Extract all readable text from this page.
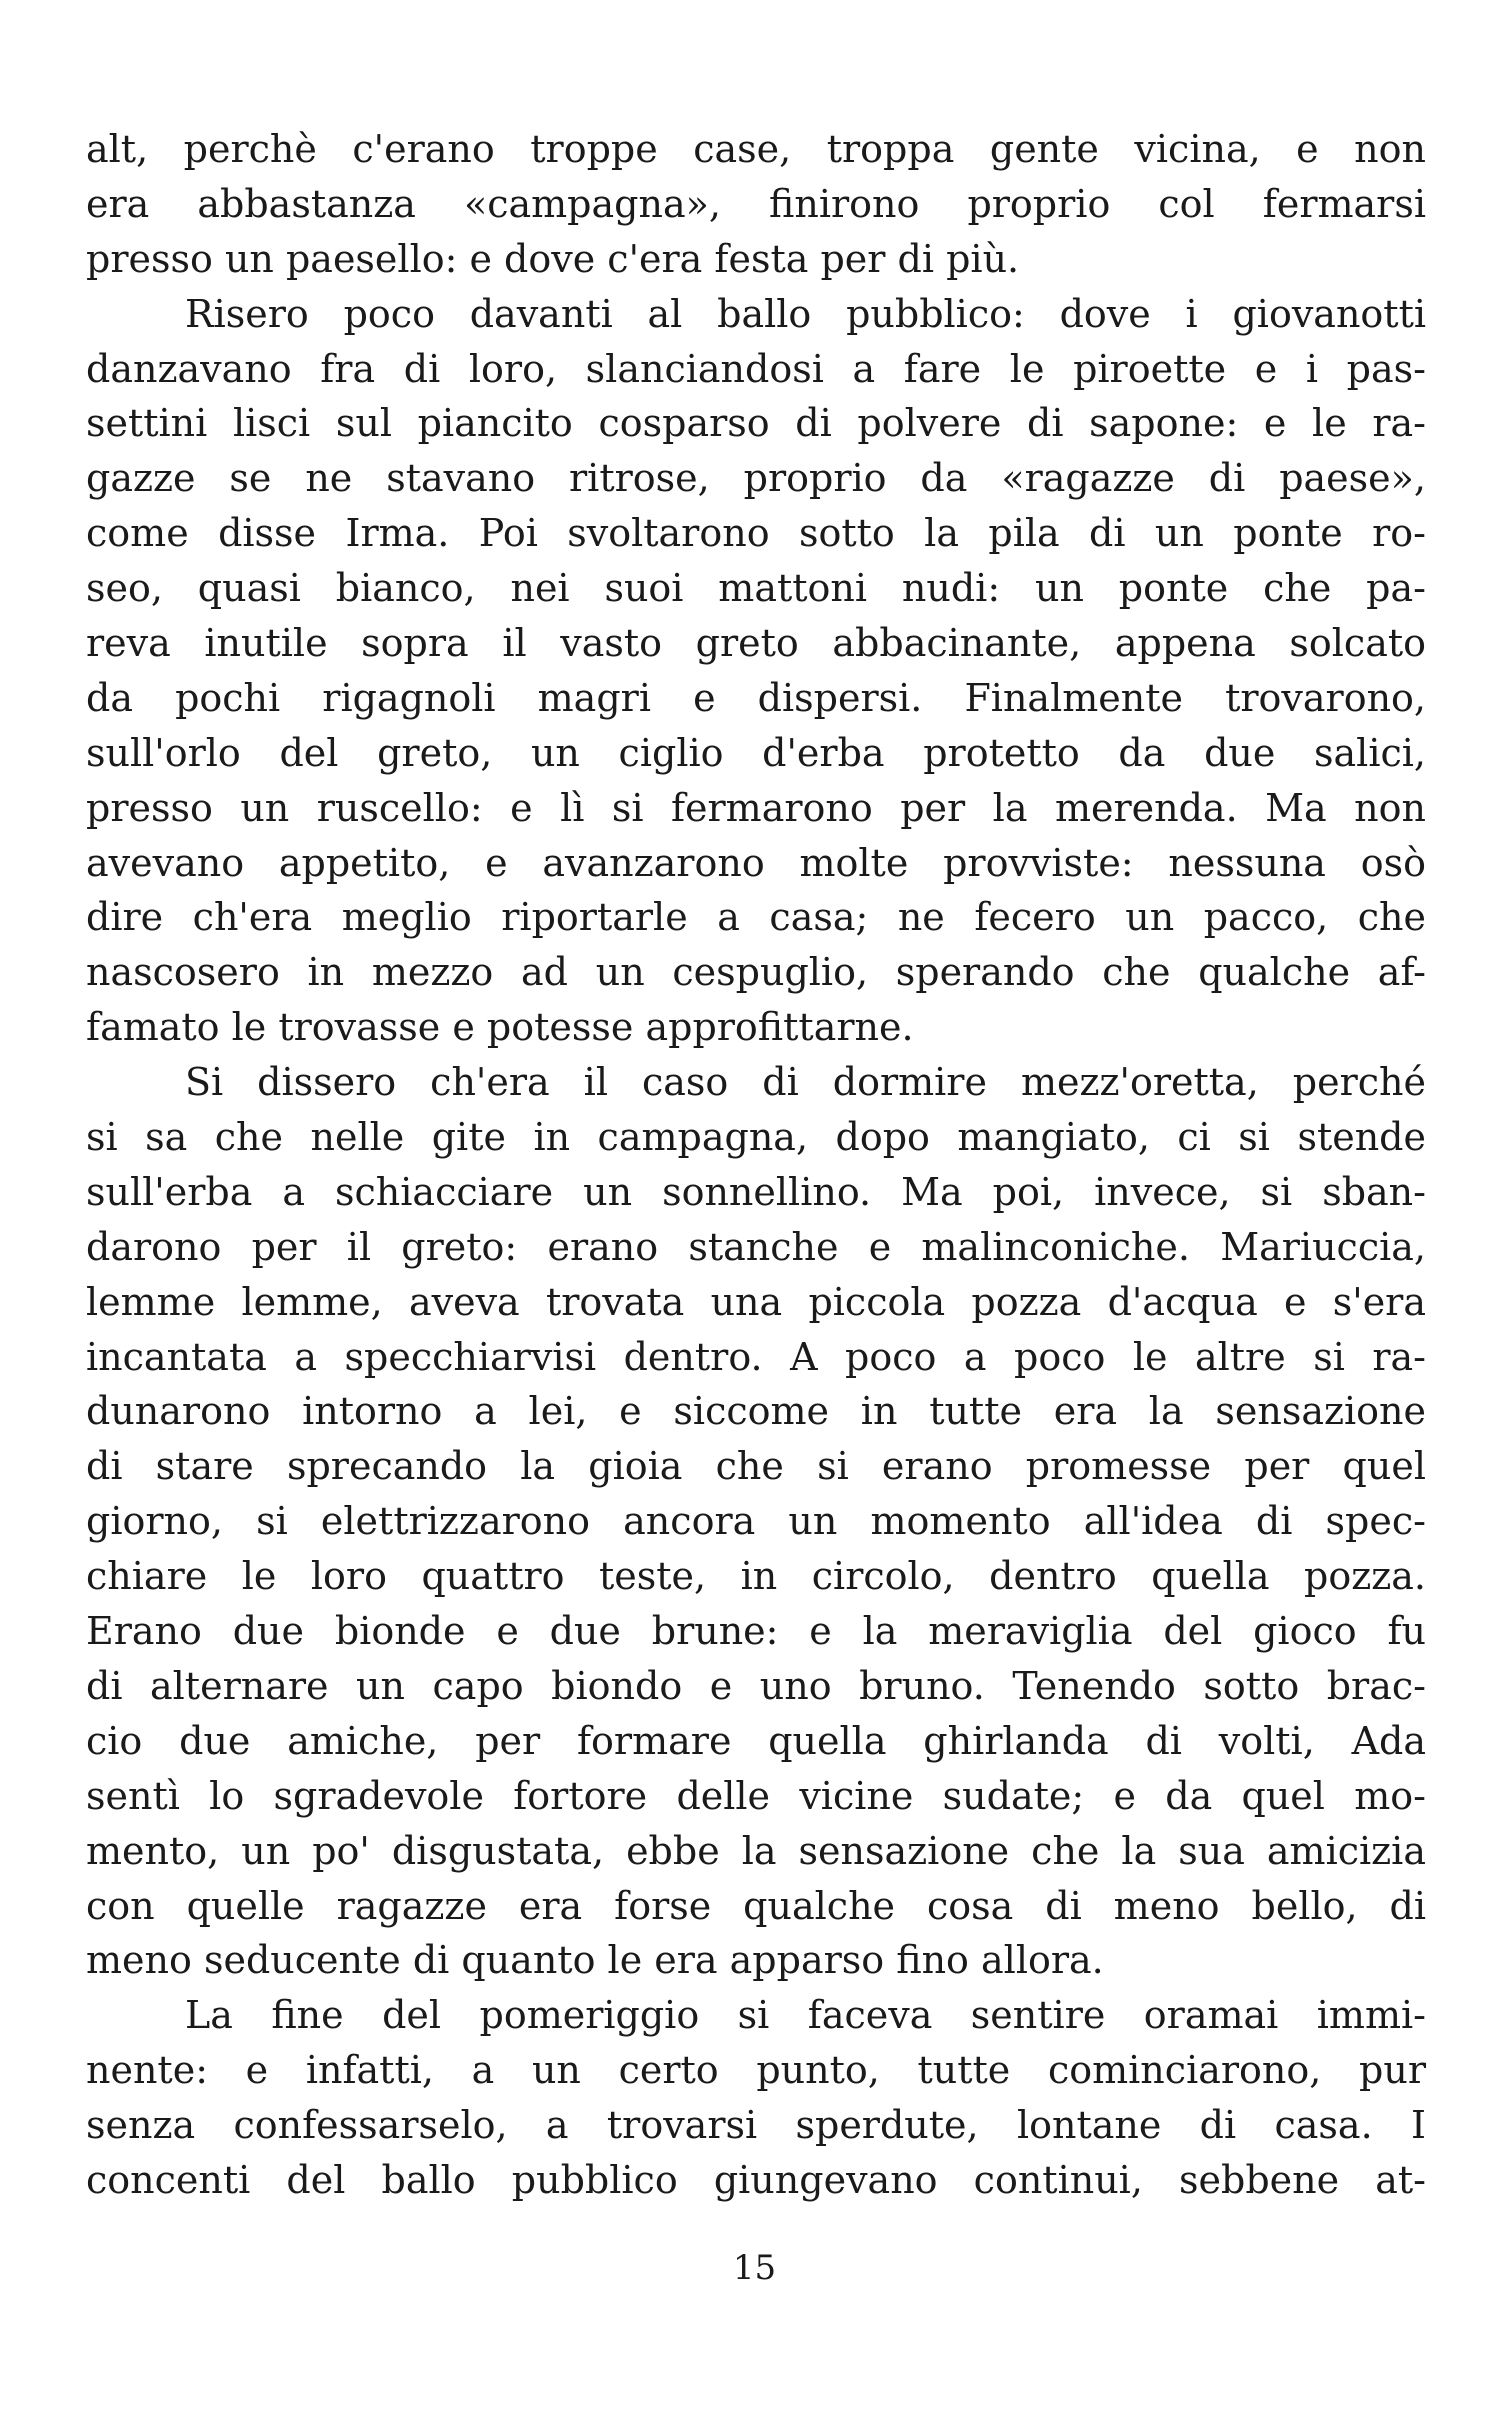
alt, perchè c'erano troppe case, troppa gente vicina, e non
era abbastanza «campagna», finirono proprio col fermarsi
presso un paesello: e dove c'era festa per di più.
Risero poco davanti al ballo pubblico: dove i giovanotti
danzavano fra di loro, slanciandosi a fare le piroette e i pas-
settini lisci sul piancito cosparso di polvere di sapone: e le ra-
gazze se ne stavano ritrose, proprio da «ragazze di paese»,
come disse Irma. Poi svoltarono sotto la pila di un ponte ro-
seo, quasi bianco, nei suoi mattoni nudi: un ponte che pa-
reva inutile sopra il vasto greto abbacinante, appena solcato
da pochi rigagnoli magri e dispersi. Finalmente trovarono,
sull'orlo del greto, un ciglio d'erba protetto da due salici,
presso un ruscello: e lì si fermarono per la merenda. Ma non
avevano appetito, e avanzarono molte provviste: nessuna osò
dire ch'era meglio riportarle a casa; ne fecero un pacco, che
nascosero in mezzo ad un cespuglio, sperando che qualche af-
famato le trovasse e potesse approfittarne.
Si dissero ch'era il caso di dormire mezz'oretta, perché
si sa che nelle gite in campagna, dopo mangiato, ci si stende
sull'erba a schiacciare un sonnellino. Ma poi, invece, si sban-
darono per il greto: erano stanche e malinconiche. Mariuccia,
lemme lemme, aveva trovata una piccola pozza d'acqua e s'era
incantata a specchiarvisi dentro. A poco a poco le altre si ra-
dunarono intorno a lei, e siccome in tutte era la sensazione
di stare sprecando la gioia che si erano promesse per quel
giorno, si elettrizzarono ancora un momento all'idea di spec-
chiare le loro quattro teste, in circolo, dentro quella pozza.
Erano due bionde e due brune: e la meraviglia del gioco fu
di alternare un capo biondo e uno bruno. Tenendo sotto brac-
cio due amiche, per formare quella ghirlanda di volti, Ada
sentì lo sgradevole fortore delle vicine sudate; e da quel mo-
mento, un po' disgustata, ebbe la sensazione che la sua amicizia
con quelle ragazze era forse qualche cosa di meno bello, di
meno seducente di quanto le era apparso fino allora.
La fine del pomeriggio si faceva sentire oramai immi-
nente: e infatti, a un certo punto, tutte cominciarono, pur
senza confessarselo, a trovarsi sperdute, lontane di casa. I
concenti del ballo pubblico giungevano continui, sebbene at-
15
